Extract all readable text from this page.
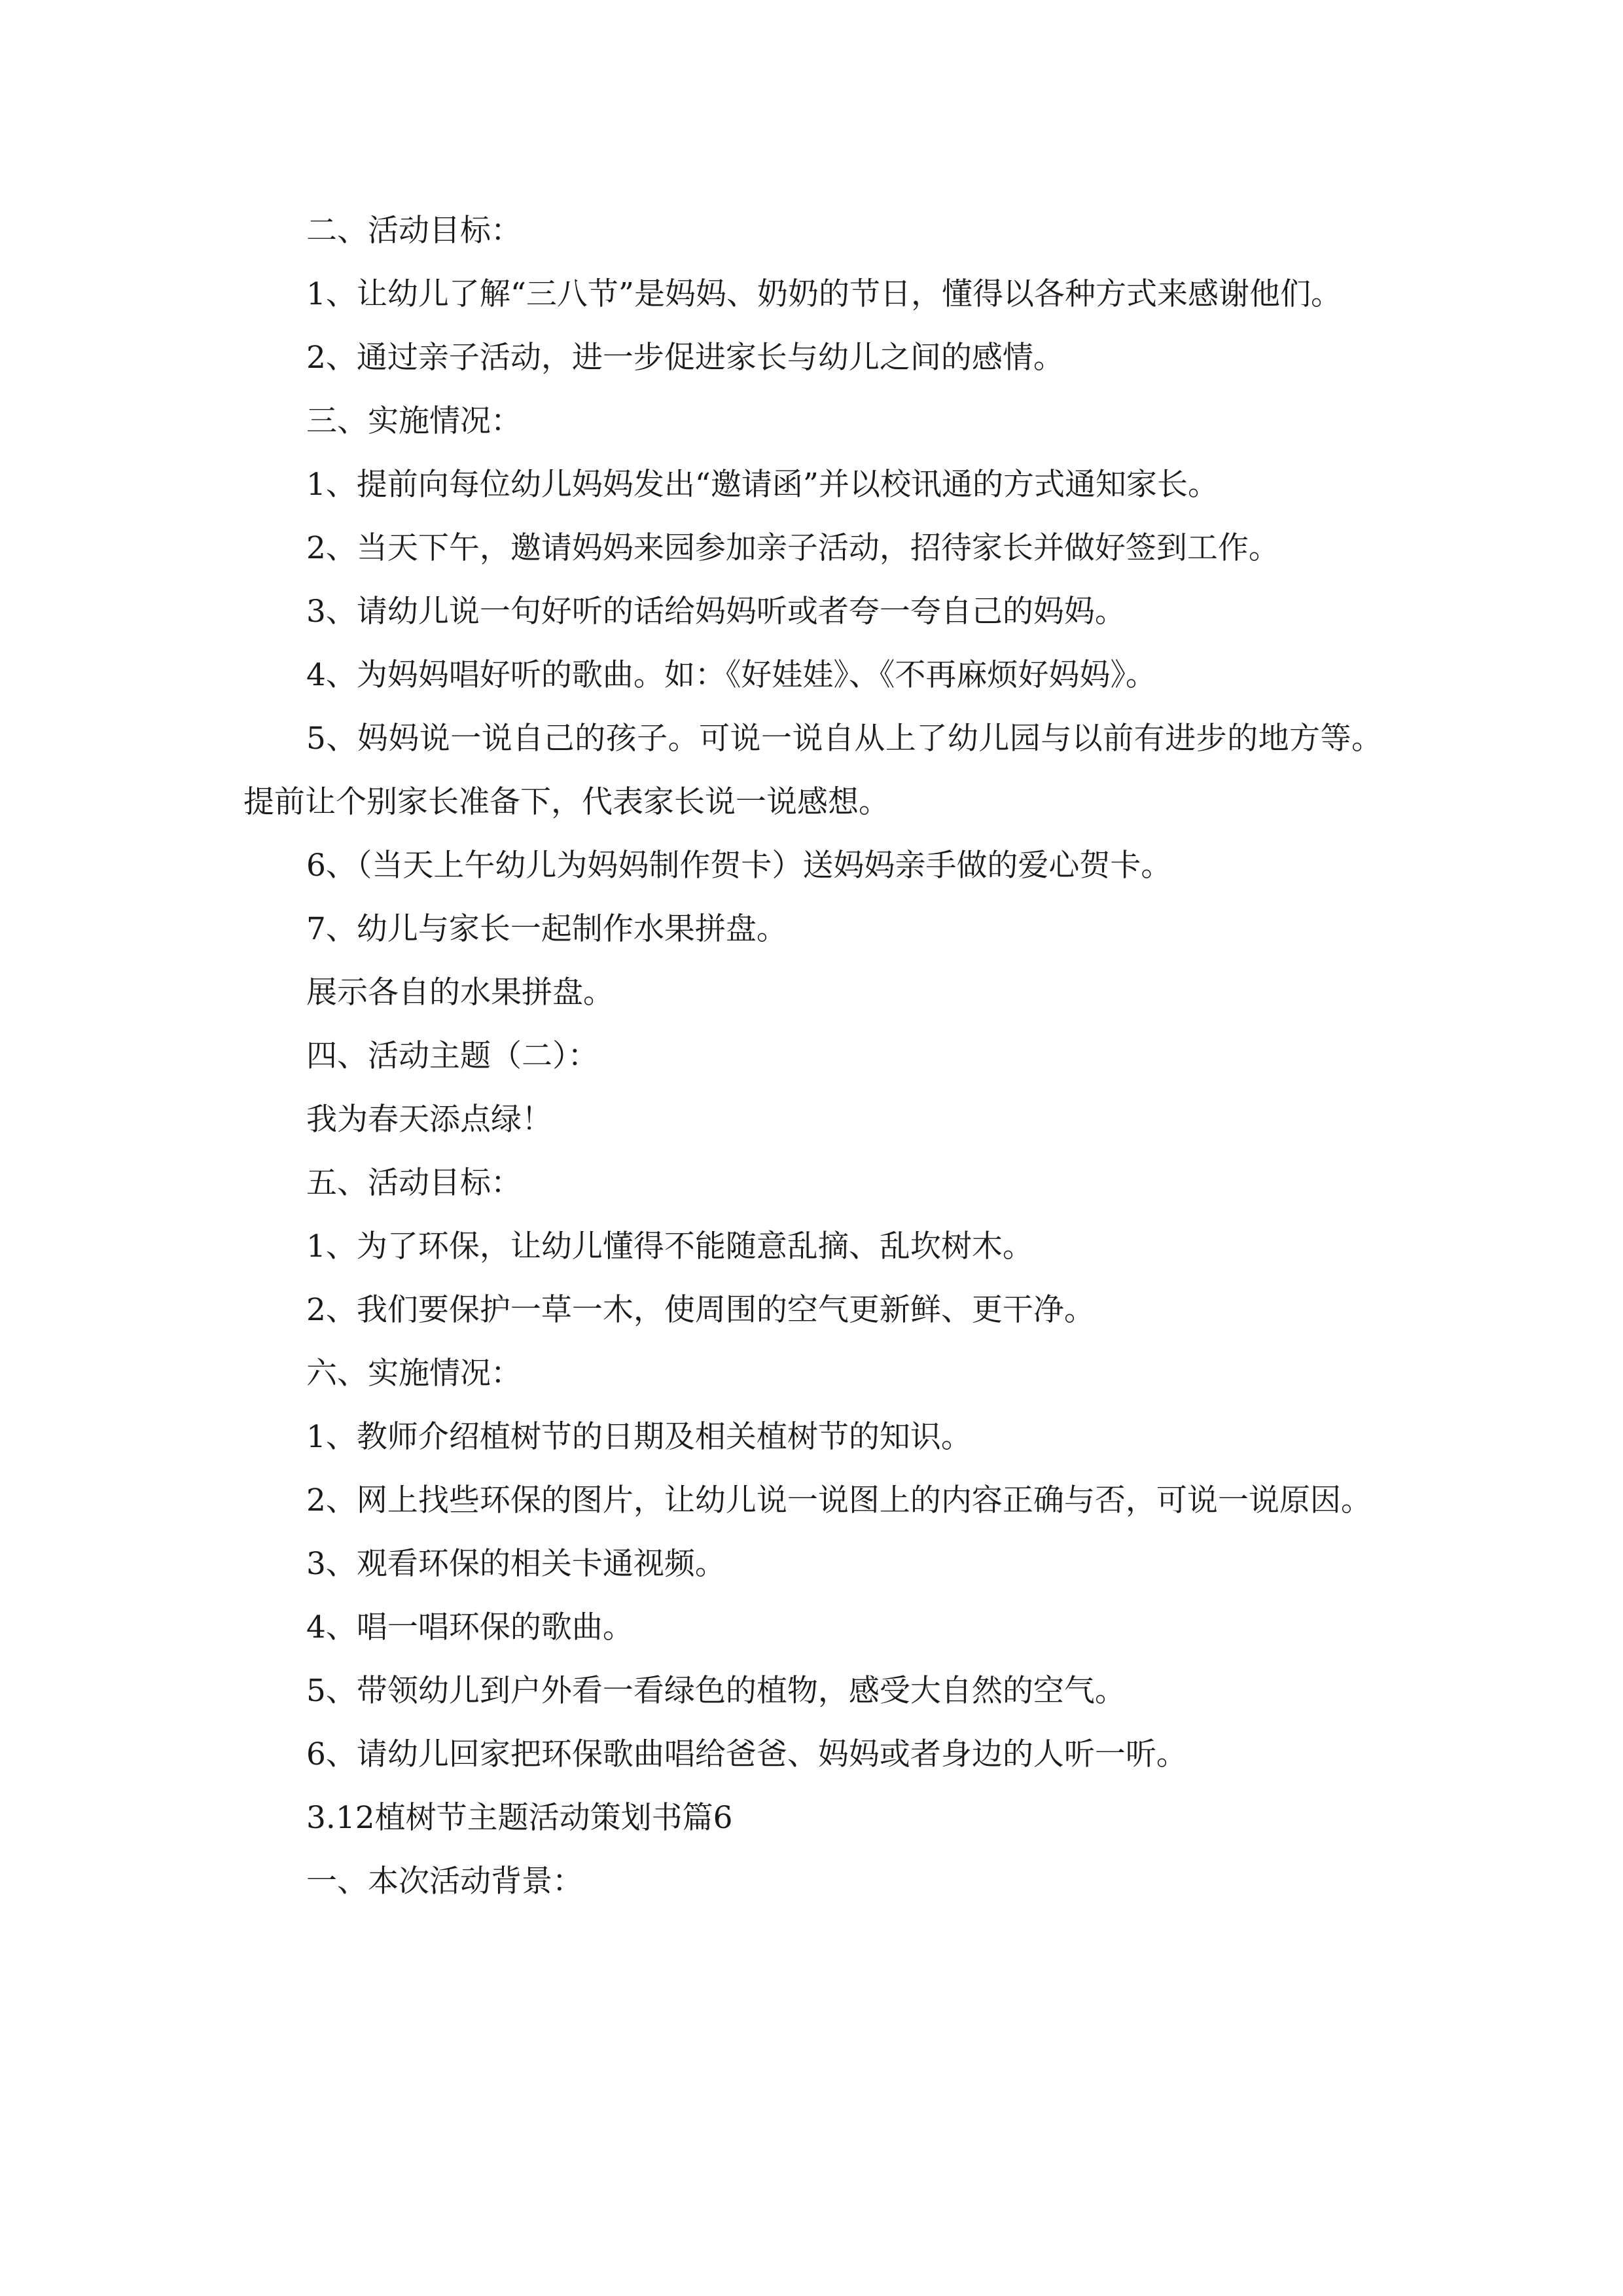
二、活动目标：

1、让幼儿了解“三八节”是妈妈、奶奶的节日，懂得以各种方式来感谢他们。

2、通过亲子活动，进一步促进家长与幼儿之间的感情。

三、实施情况：

1、提前向每位幼儿妈妈发出“邀请函”并以校讯通的方式通知家长。

2、当天下午，邀请妈妈来园参加亲子活动，招待家长并做好签到工作。

3、请幼儿说一句好听的话给妈妈听或者夸一夸自己的妈妈。

4、为妈妈唱好听的歌曲。如：《好娃娃》、《不再麻烦好妈妈》。

5、妈妈说一说自己的孩子。可说一说自从上了幼儿园与以前有进步的地方等。提前让个别家长准备下，代表家长说一说感想。

6、（当天上午幼儿为妈妈制作贺卡）送妈妈亲手做的爱心贺卡。

7、幼儿与家长一起制作水果拼盘。

展示各自的水果拼盘。

四、活动主题（二）：

我为春天添点绿！

五、活动目标：

1、为了环保，让幼儿懂得不能随意乱摘、乱坎树木。

2、我们要保护一草一木，使周围的空气更新鲜、更干净。

六、实施情况：

1、教师介绍植树节的日期及相关植树节的知识。

2、网上找些环保的图片，让幼儿说一说图上的内容正确与否，可说一说原因。

3、观看环保的相关卡通视频。

4、唱一唱环保的歌曲。

5、带领幼儿到户外看一看绿色的植物，感受大自然的空气。

6、请幼儿回家把环保歌曲唱给爸爸、妈妈或者身边的人听一听。

3.12植树节主题活动策划书篇6

一、本次活动背景：
